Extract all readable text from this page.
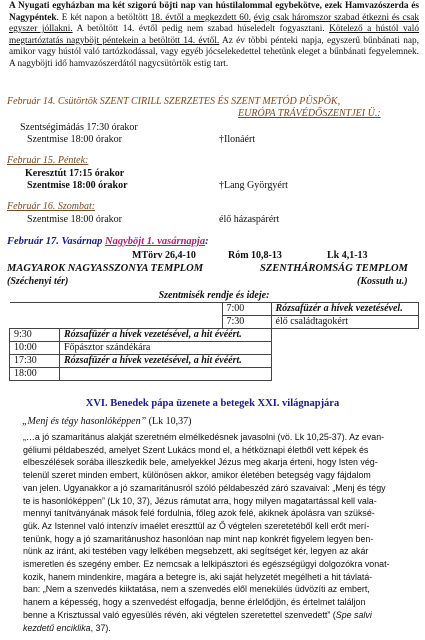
A Nyugati egyházban ma két szigorú böjti nap van hústilalommal egybekötve, ezek Hamvazószerda és Nagypéntek. E két napon a betöltött 18. évtől a megkezdett 60. évig csak háromszor szabad étkezni és csak egyszer jóllakni. A betöltött 14. évtől pedig nem szabad húseledelt fogyasztani. Kötelező a hústól való megtartóztatás nagyböjt péntekein a betöltött 14. évtől. Az év többi pénteki napja, egyszerű bűnbánati nap, amikor vagy hústól való tartózkodással, vagy egyéb jócselekedettel tehetünk eleget a bűnbánati fegyelemnek. A nagyböjti idő hamvazószerdától nagycsütörtök estig tart.
Február 14. Csütörtök SZENT CIRILL SZERZETES ÉS SZENT METÓD PÜSPÖK,
EURÓPA TRÁVÉDŐSZENTJEI Ü.:
Szentségimádás 17:30 órakor
Szentmise 18:00 órakor	†Ilonáért
Február 15. Péntek:
Keresztút 17:15 órakor
Szentmise 18:00 órakor	†Lang Györgyért
Február 16. Szombat:
Szentmise 18:00 órakor	élő házaspárért
Február 17. Vasárnap Nagyböjt 1. vasárnapja:
MTörv 26,4-10	Róm 10,8-13	Lk 4,1-13
MAGYAROK NAGYASSZONYA TEMPLOM	SZENTHÁROMSÁG TEMPLOM
(Széchenyi tér)	(Kossuth u.)
Szentmisék rendje és ideje:			
		7:00	Rózsafüzér a hívek vezetésével.
		7:30	élő családtagokért
9:30	Rózsafüzér a hívek vezetésével, a hit évéért.		
10:00	Főpásztor szándékára		
17:30	Rózsafüzér a hívek vezetésével, a hit évéért.		
18:00			
XVI. Benedek pápa üzenete a betegek XXI. világnapjára
„Menj és tégy hasonlóképpen” (Lk 10,37)

„…a jó szamaritánus alakját szeretném elmélkedésnek javasolni (vö. Lk 10,25-37). Az evan-

géliumi példabeszéd, amelyet Szent Lukács mond el, a hétköznapi életből vett képek és

elbeszélések sorába illeszkedik bele, amelyekkel Jézus meg akarja érteni, hogy Isten vég-

telenül szeret minden embert, különösen akkor, amikor életében betegség vagy fájdalom

van jelen. Ugyanakkor a jó szamaritánusról szóló példabeszéd záró szavaival: „Menj és tégy

te is hasonlóképpen” (Lk 10, 37), Jézus rámutat arra, hogy milyen magatartással kell vala-

mennyi tanítványának mások felé fordulnia, főleg azok felé, akiknek ápolásra van szüksé-

gük. Az Istennel való intenzív imaélet ereszttül az Ő végtelen szeretetéből kell erőt merí-

tenünk, hogy a jó szamaritánushoz hasonlóan nap mint nap konkrét figyelem legyen ben-

nünk az iránt, aki testében vagy lelkében megsebzett, aki segítséget kér, legyen az akár

ismeretlen és szegény ember. Ez nemcsak a lelkipásztori és egészségügyi dolgozókra vonat-

kozik, hanem mindenkire, magára a betegre is, aki saját helyzetét megélheti a hit távlatá-

ban: „Nem a szenvedés kiiktatása, nem a szenvedés elől menekülés üdvözíti az embert,

hanem a képesség, hogy a szenvedést elfogadja, benne érlelődjön, és értelmet találjon

benne a Krisztussal való egyesülés révén, aki végtelen szeretettel szenvedett” (Spe salvi

kezdetű enciklika, 37).
